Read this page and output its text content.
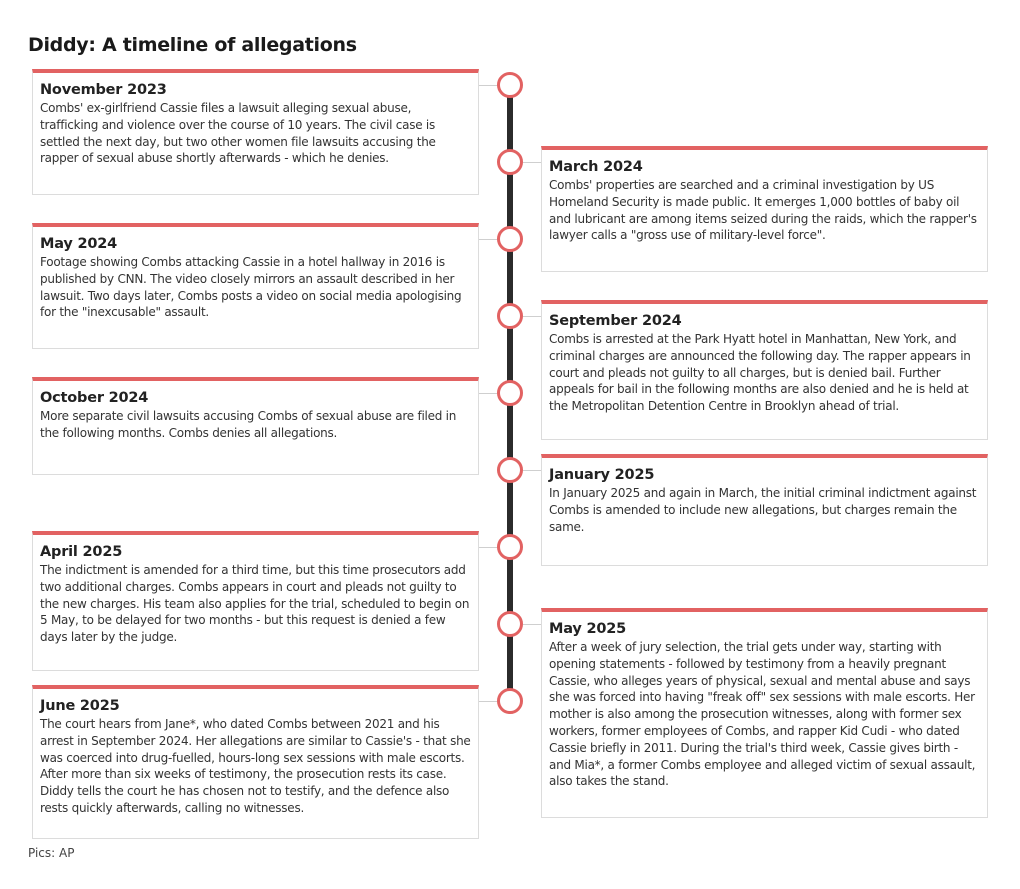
Diddy: A timeline of allegations
November 2023

Combs' ex-girlfriend Cassie files a lawsuit alleging sexual abuse, trafficking and violence over the course of 10 years. The civil case is settled the next day, but two other women file lawsuits accusing the rapper of sexual abuse shortly afterwards - which he denies.

March 2024

Combs' properties are searched and a criminal investigation by US Homeland Security is made public. It emerges 1,000 bottles of baby oil and lubricant are among items seized during the raids, which the rapper's lawyer calls a "gross use of military-level force".

May 2024

Footage showing Combs attacking Cassie in a hotel hallway in 2016 is published by CNN. The video closely mirrors an assault described in her lawsuit. Two days later, Combs posts a video on social media apologising for the "inexcusable" assault.

September 2024

Combs is arrested at the Park Hyatt hotel in Manhattan, New York, and criminal charges are announced the following day. The rapper appears in court and pleads not guilty to all charges, but is denied bail. Further appeals for bail in the following months are also denied and he is held at the Metropolitan Detention Centre in Brooklyn ahead of trial.

October 2024

More separate civil lawsuits accusing Combs of sexual abuse are filed in the following months. Combs denies all allegations.

January 2025

In January 2025 and again in March, the initial criminal indictment against Combs is amended to include new allegations, but charges remain the same.

April 2025

The indictment is amended for a third time, but this time prosecutors add two additional charges. Combs appears in court and pleads not guilty to the new charges. His team also applies for the trial, scheduled to begin on 5 May, to be delayed for two months - but this request is denied a few days later by the judge.

May 2025

After a week of jury selection, the trial gets under way, starting with opening statements - followed by testimony from a heavily pregnant Cassie, who alleges years of physical, sexual and mental abuse and says she was forced into having "freak off" sex sessions with male escorts. Her mother is also among the prosecution witnesses, along with former sex workers, former employees of Combs, and rapper Kid Cudi - who dated Cassie briefly in 2011. During the trial's third week, Cassie gives birth - and Mia*, a former Combs employee and alleged victim of sexual assault, also takes the stand.

June 2025

The court hears from Jane*, who dated Combs between 2021 and his arrest in September 2024. Her allegations are similar to Cassie's - that she was coerced into drug-fuelled, hours-long sex sessions with male escorts. After more than six weeks of testimony, the prosecution rests its case. Diddy tells the court he has chosen not to testify, and the defence also rests quickly afterwards, calling no witnesses.

Pics: AP
